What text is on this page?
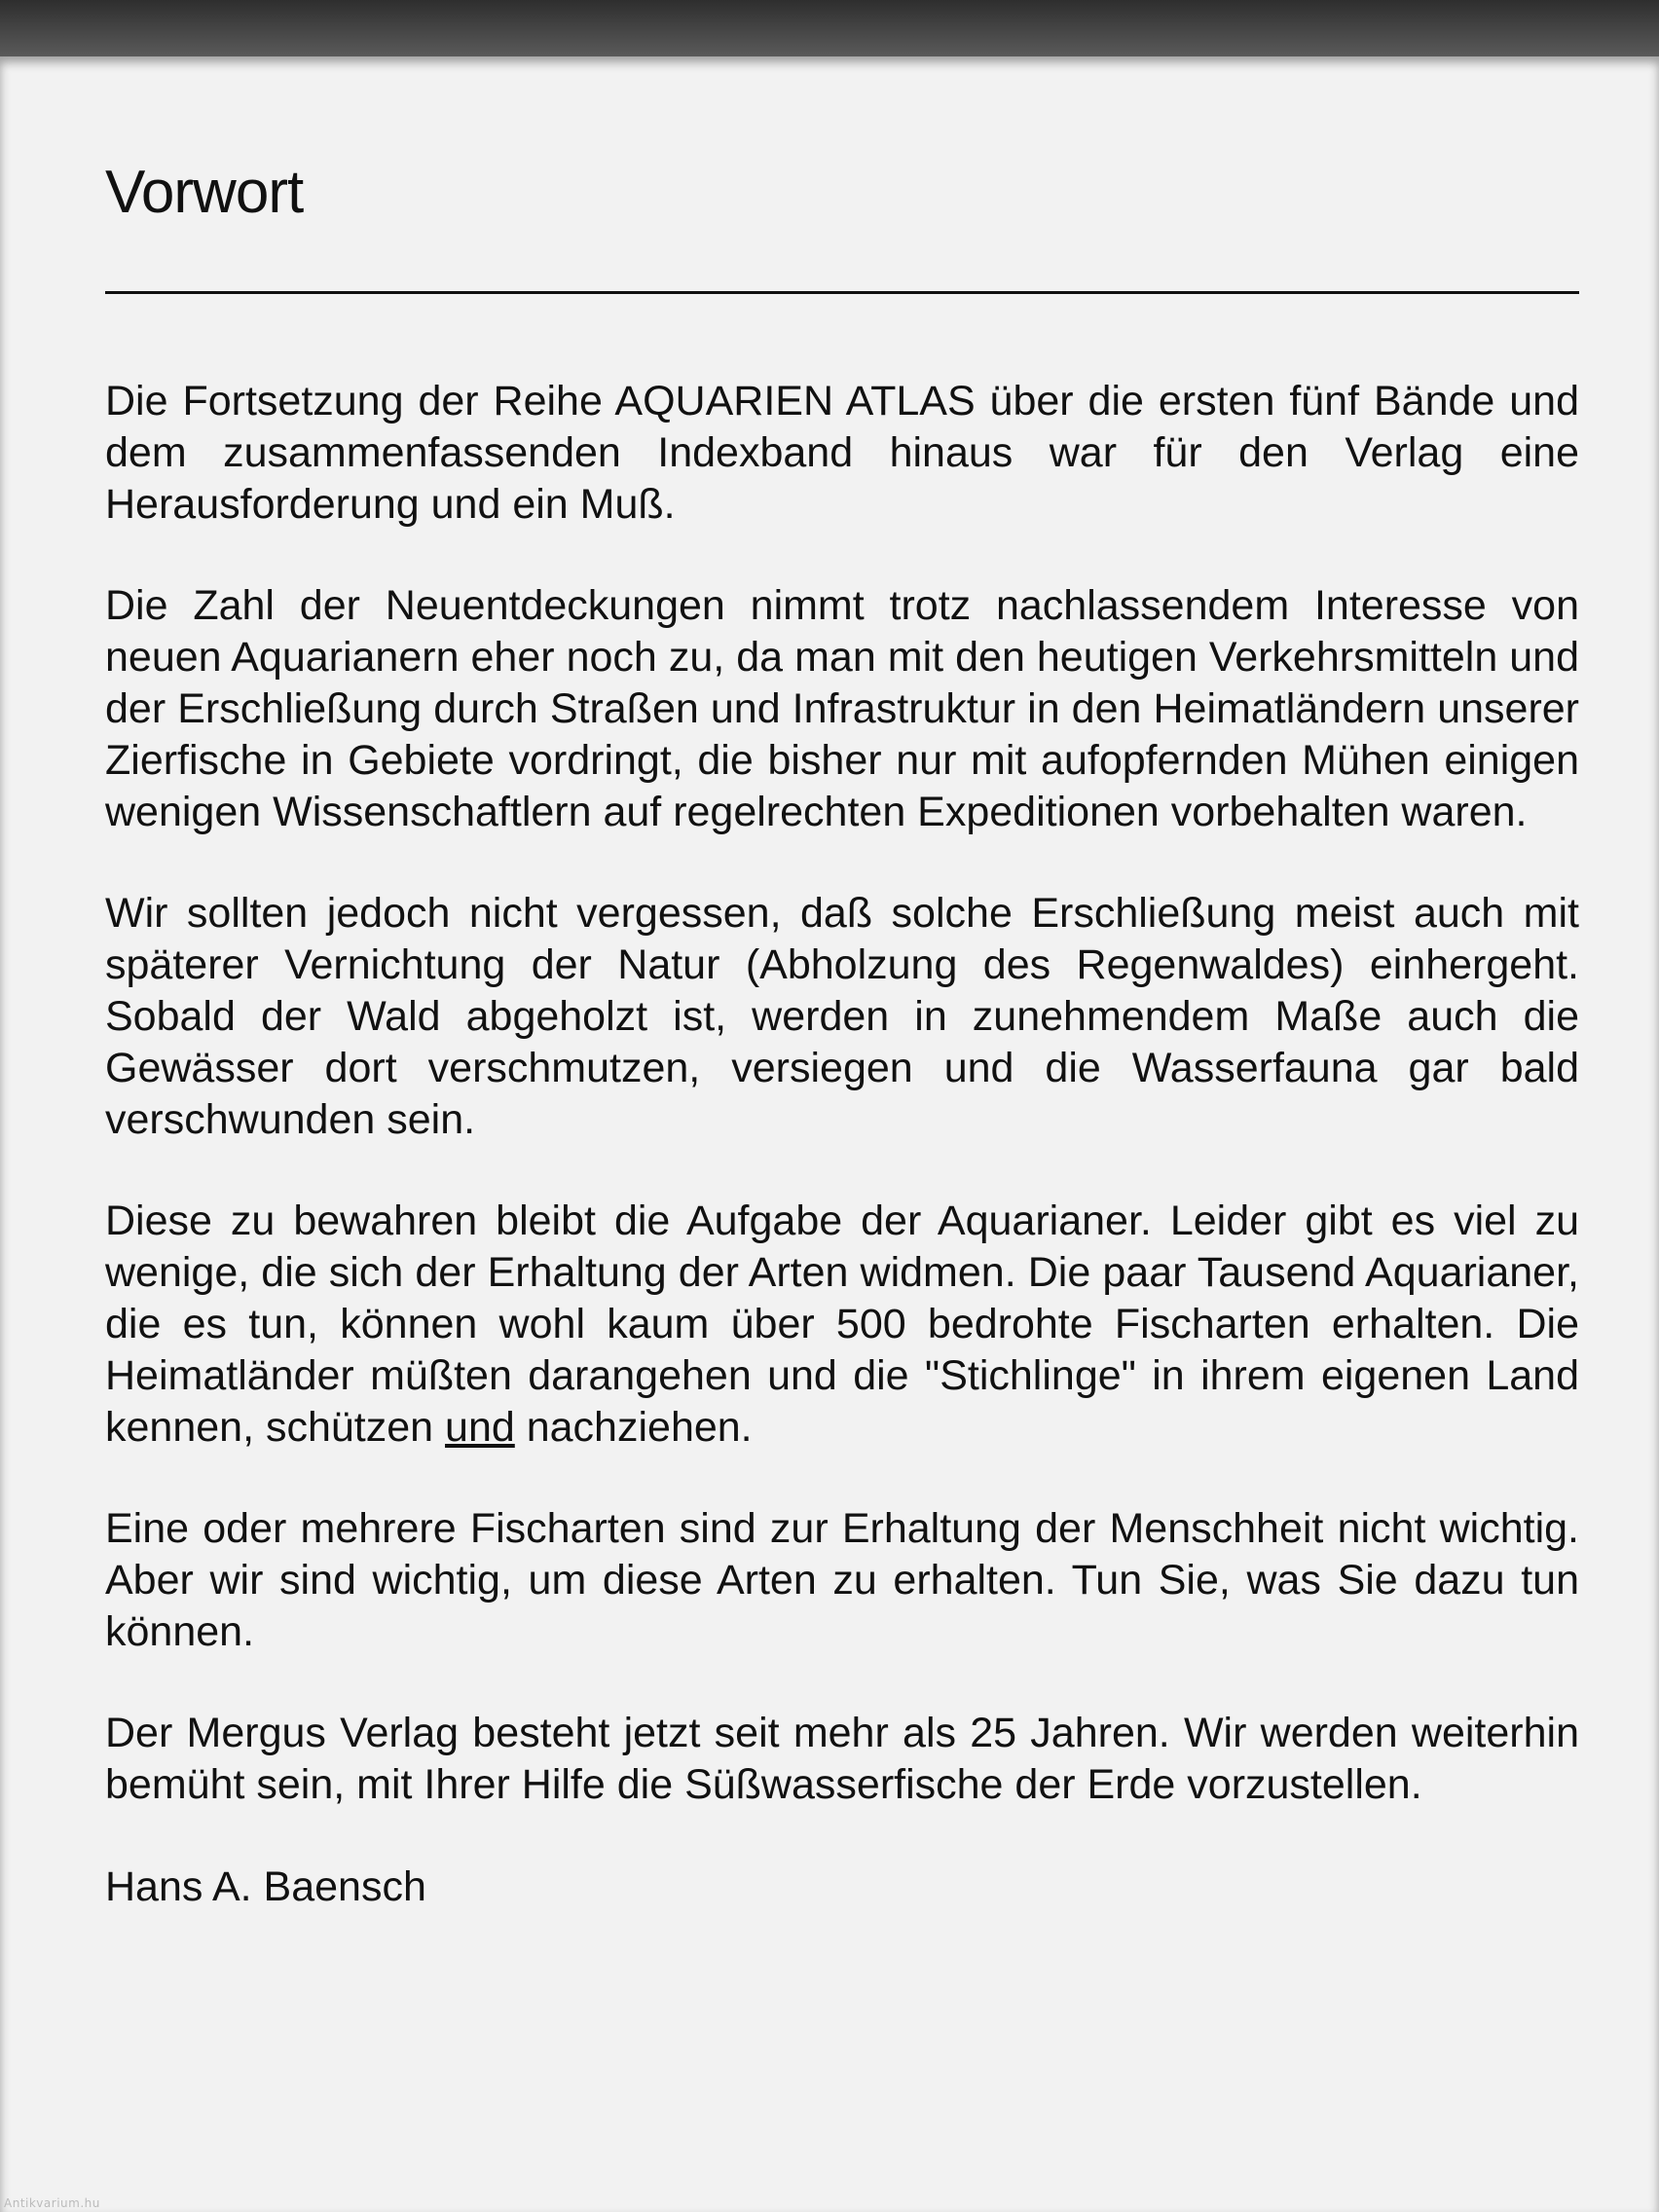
Vorwort

Die Fortsetzung der Reihe AQUARIEN ATLAS über die ersten fünf Bände und dem zusammenfassenden Indexband hinaus war für den Verlag eine Herausforderung und ein Muß.

Die Zahl der Neuentdeckungen nimmt trotz nachlassendem Interesse von neuen Aquarianern eher noch zu, da man mit den heutigen Verkehrsmitteln und der Erschließung durch Straßen und Infrastruktur in den Heimatländern unserer Zierfische in Gebiete vordringt, die bisher nur mit aufopfernden Mühen einigen wenigen Wissenschaftlern auf regelrechten Expeditionen vorbehalten waren.

Wir sollten jedoch nicht vergessen, daß solche Erschließung meist auch mit späterer Vernichtung der Natur (Abholzung des Regenwaldes) einhergeht. Sobald der Wald abgeholzt ist, werden in zunehmendem Maße auch die Gewässer dort verschmutzen, versiegen und die Wasserfauna gar bald verschwunden sein.

Diese zu bewahren bleibt die Aufgabe der Aquarianer. Leider gibt es viel zu wenige, die sich der Erhaltung der Arten widmen. Die paar Tausend Aquarianer, die es tun, können wohl kaum über 500 bedrohte Fischarten erhalten. Die Heimatländer müßten darangehen und die "Stichlinge" in ihrem eigenen Land kennen, schützen und nachziehen.

Eine oder mehrere Fischarten sind zur Erhaltung der Menschheit nicht wichtig. Aber wir sind wichtig, um diese Arten zu erhalten. Tun Sie, was Sie dazu tun können.

Der Mergus Verlag besteht jetzt seit mehr als 25 Jahren. Wir werden weiterhin bemüht sein, mit Ihrer Hilfe die Süßwasserfische der Erde vorzustellen.

Hans A. Baensch
Antikvarium.hu
